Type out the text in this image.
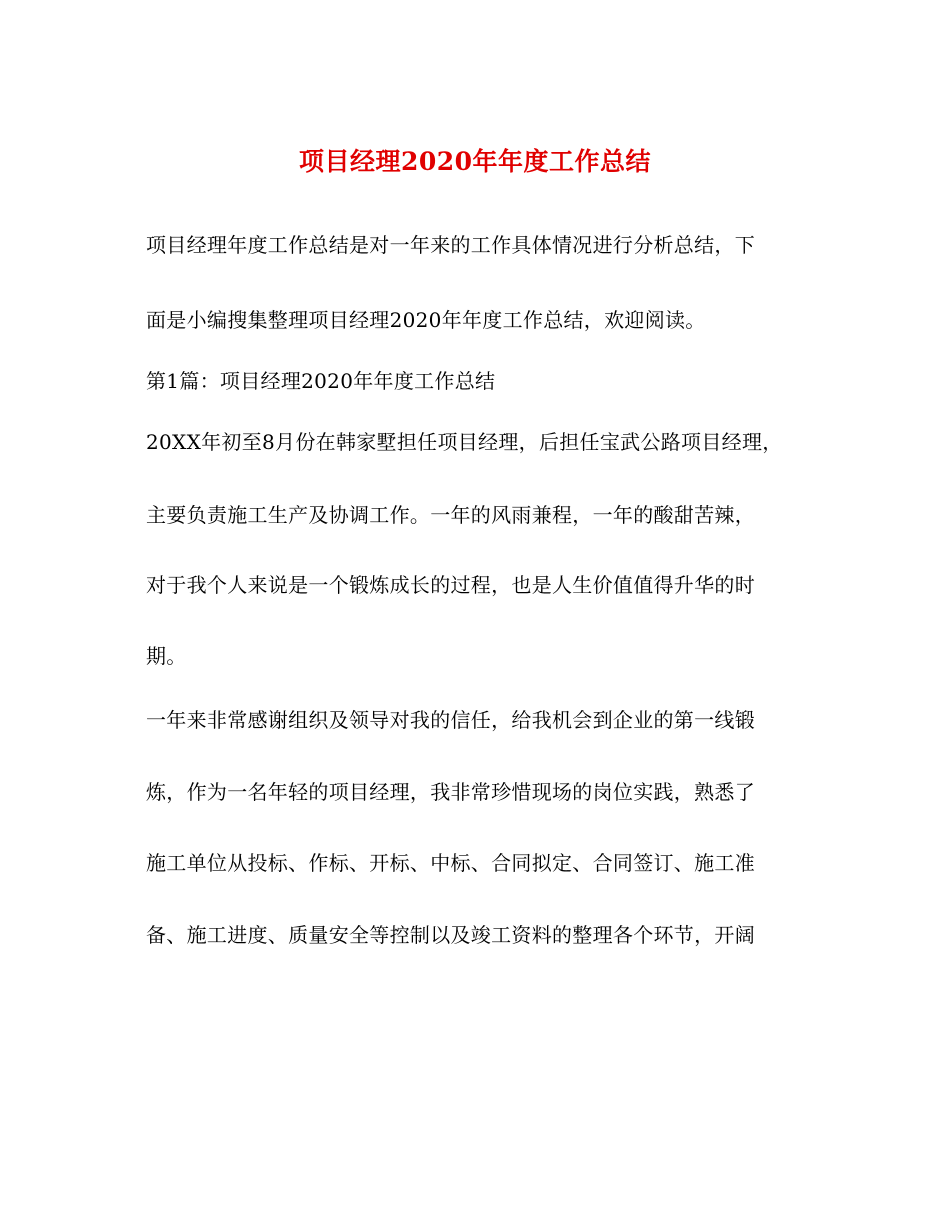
项目经理2020年年度工作总结
项目经理年度工作总结是对一年来的工作具体情况进行分析总结，下
面是小编搜集整理项目经理2020年年度工作总结，欢迎阅读。
第1篇：项目经理2020年年度工作总结
20XX年初至8月份在韩家墅担任项目经理，后担任宝武公路项目经理，
主要负责施工生产及协调工作。一年的风雨兼程，一年的酸甜苦辣，
对于我个人来说是一个锻炼成长的过程，也是人生价值值得升华的时
期。
一年来非常感谢组织及领导对我的信任，给我机会到企业的第一线锻
炼，作为一名年轻的项目经理，我非常珍惜现场的岗位实践，熟悉了
施工单位从投标、作标、开标、中标、合同拟定、合同签订、施工准
备、施工进度、质量安全等控制以及竣工资料的整理各个环节，开阔
